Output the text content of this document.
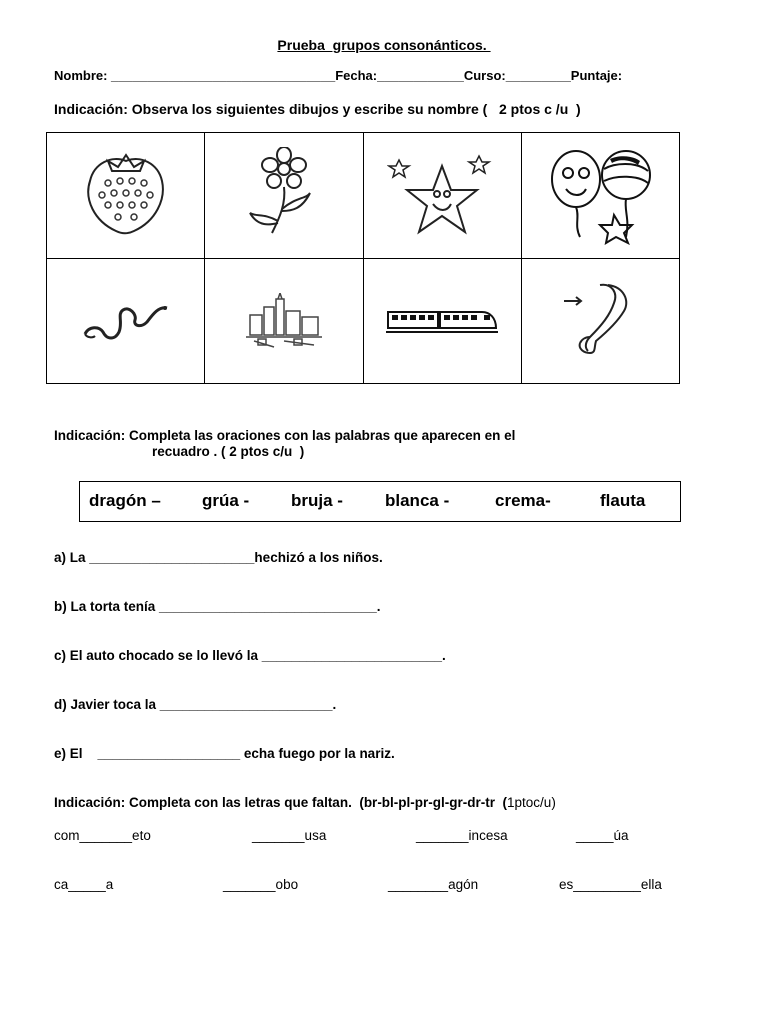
Prueba  grupos consonánticos.
Nombre: _______________________________Fecha:____________Curso:_________Puntaje:
Indicación: Observa los siguientes dibujos y escribe su nombre (   2 ptos c /u  )
Indicación: Completa las oraciones con las palabras que aparecen en el
recuadro . ( 2 ptos c/u  )
dragón – grúa - bruja - blanca -	crema-	flauta
a) La ______________________hechizó a los niños.
b) La torta tenía _____________________________.
c) El auto chocado se lo llevó la ________________________.
d) Javier toca la _______________________.
e) El    ___________________ echa fuego por la nariz.
Indicación: Completa con las letras que faltan.  (br-bl-pl-pr-gl-gr-dr-tr  (1ptoc/u)
com_______eto	_______usa	_______incesa	_____úa
ca_____a	_______obo	________agón	es_________ella
